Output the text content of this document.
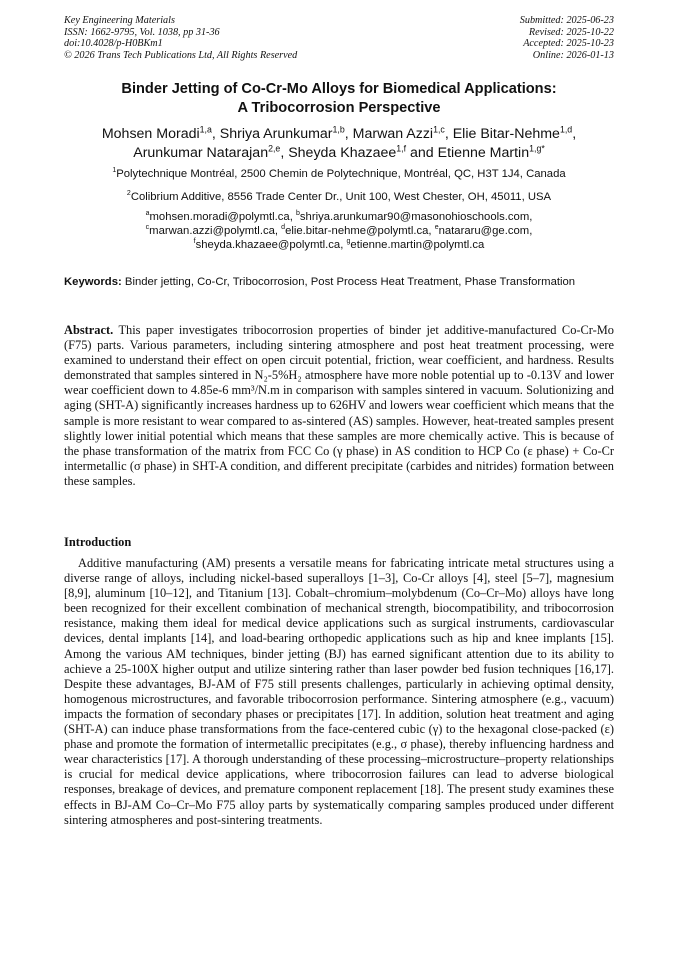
Key Engineering Materials
ISSN: 1662-9795, Vol. 1038, pp 31-36
doi:10.4028/p-H0BKm1
© 2026 Trans Tech Publications Ltd, All Rights Reserved
Submitted: 2025-06-23
Revised: 2025-10-22
Accepted: 2025-10-23
Online: 2026-01-13
Binder Jetting of Co-Cr-Mo Alloys for Biomedical Applications:
A Tribocorrosion Perspective
Mohsen Moradi$^{1,a}$, Shriya Arunkumar$^{1,b}$, Marwan Azzi$^{1,c}$, Elie Bitar-Nehme$^{1,d}$,
Arunkumar Natarajan$^{2,e}$, Sheyda Khazaee$^{1,f}$ and Etienne Martin$^{1,g*}$
$^1$Polytechnique Montréal, 2500 Chemin de Polytechnique, Montréal, QC, H3T 1J4, Canada
$^2$Colibrium Additive, 8556 Trade Center Dr., Unit 100, West Chester, OH, 45011, USA
$^a$mohsen.moradi@polymtl.ca, $^b$shriya.arunkumar90@masonohioschools.com,
$^c$marwan.azzi@polymtl.ca, $^d$elie.bitar-nehme@polymtl.ca, $^e$natararu@ge.com,
$^f$sheyda.khazaee@polymtl.ca, $^g$etienne.martin@polymtl.ca
Keywords: Binder jetting, Co-Cr, Tribocorrosion, Post Process Heat Treatment, Phase Transformation
Abstract. This paper investigates tribocorrosion properties of binder jet additive-manufactured Co-Cr-Mo (F75) parts. Various parameters, including sintering atmosphere and post heat treatment processing, were examined to understand their effect on open circuit potential, friction, wear coefficient, and hardness. Results demonstrated that samples sintered in N₂-5%H₂ atmosphere have more noble potential up to -0.13V and lower wear coefficient down to 4.85e-6 mm³/N.m in comparison with samples sintered in vacuum. Solutionizing and aging (SHT-A) significantly increases hardness up to 626HV and lowers wear coefficient which means that the sample is more resistant to wear compared to as-sintered (AS) samples. However, heat-treated samples present slightly lower initial potential which means that these samples are more chemically active. This is because of the phase transformation of the matrix from FCC Co (γ phase) in AS condition to HCP Co (ε phase) + Co-Cr intermetallic (σ phase) in SHT-A condition, and different precipitate (carbides and nitrides) formation between these samples.
Introduction
Additive manufacturing (AM) presents a versatile means for fabricating intricate metal structures using a diverse range of alloys, including nickel-based superalloys [1–3], Co-Cr alloys [4], steel [5–7], magnesium [8,9], aluminum [10–12], and Titanium [13]. Cobalt–chromium–molybdenum (Co–Cr–Mo) alloys have long been recognized for their excellent combination of mechanical strength, biocompatibility, and tribocorrosion resistance, making them ideal for medical device applications such as surgical instruments, cardiovascular devices, dental implants [14], and load-bearing orthopedic applications such as hip and knee implants [15]. Among the various AM techniques, binder jetting (BJ) has earned significant attention due to its ability to achieve a 25-100X higher output and utilize sintering rather than laser powder bed fusion techniques [16,17]. Despite these advantages, BJ-AM of F75 still presents challenges, particularly in achieving optimal density, homogenous microstructures, and favorable tribocorrosion performance. Sintering atmosphere (e.g., vacuum) impacts the formation of secondary phases or precipitates [17]. In addition, solution heat treatment and aging (SHT-A) can induce phase transformations from the face-centered cubic (γ) to the hexagonal close-packed (ε) phase and promote the formation of intermetallic precipitates (e.g., σ phase), thereby influencing hardness and wear characteristics [17]. A thorough understanding of these processing–microstructure–property relationships is crucial for medical device applications, where tribocorrosion failures can lead to adverse biological responses, breakage of devices, and premature component replacement [18]. The present study examines these effects in BJ-AM Co–Cr–Mo F75 alloy parts by systematically comparing samples produced under different sintering atmospheres and post-sintering treatments.
